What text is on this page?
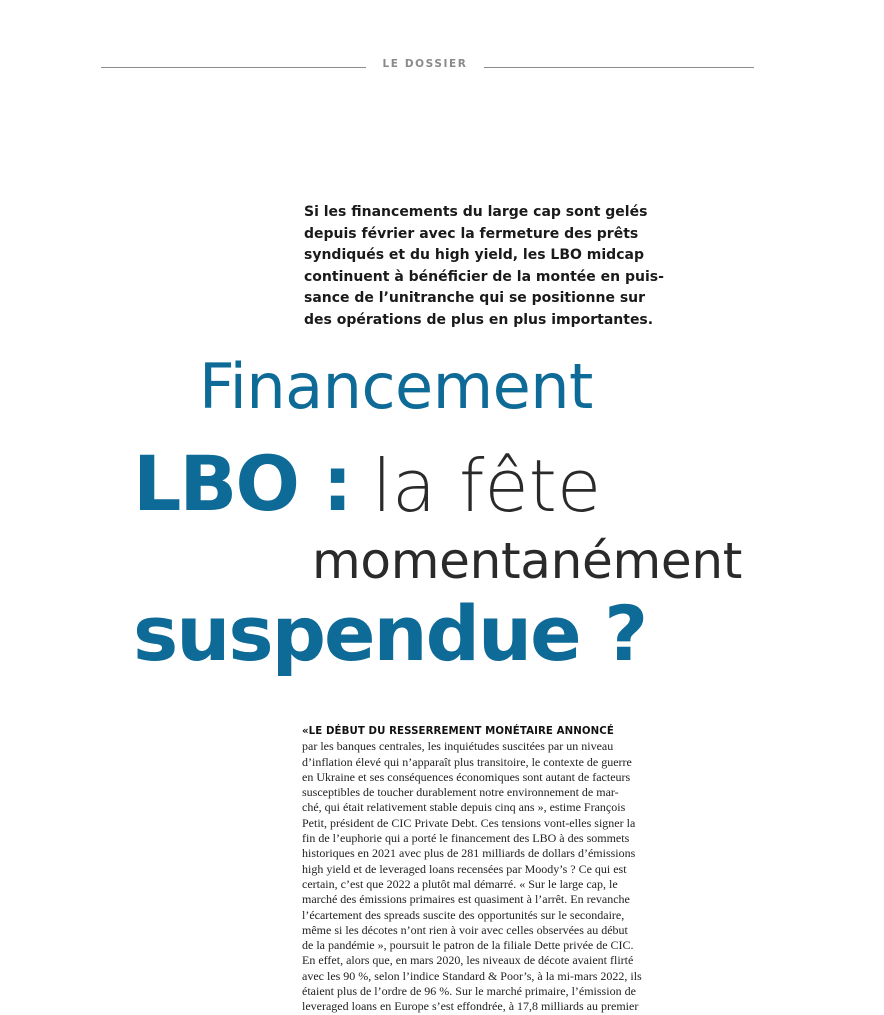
LE DOSSIER
Si les financements du large cap sont gelés
depuis février avec la fermeture des prêts
syndiqués et du high yield, les LBO midcap
continuent à bénéficier de la montée en puis-
sance de l’unitranche qui se positionne sur
des opérations de plus en plus importantes.
Financement
LBO : la fête
momentanément
suspendue ?
«LE DÉBUT DU RESSERREMENT MONÉTAIRE ANNONCÉ
par les banques centrales, les inquiétudes suscitées par un niveau
d’inflation élevé qui n’apparaît plus transitoire, le contexte de guerre
en Ukraine et ses conséquences économiques sont autant de facteurs
susceptibles de toucher durablement notre environnement de mar-
ché, qui était relativement stable depuis cinq ans », estime François
Petit, président de CIC Private Debt. Ces tensions vont-elles signer la
fin de l’euphorie qui a porté le financement des LBO à des sommets
historiques en 2021 avec plus de 281 milliards de dollars d’émissions
high yield et de leveraged loans recensées par Moody’s ? Ce qui est
certain, c’est que 2022 a plutôt mal démarré. « Sur le large cap, le
marché des émissions primaires est quasiment à l’arrêt. En revanche
l’écartement des spreads suscite des opportunités sur le secondaire,
même si les décotes n’ont rien à voir avec celles observées au début
de la pandémie », poursuit le patron de la filiale Dette privée de CIC.
En effet, alors que, en mars 2020, les niveaux de décote avaient flirté
avec les 90 %, selon l’indice Standard & Poor’s, à la mi-mars 2022, ils
étaient plus de l’ordre de 96 %. Sur le marché primaire, l’émission de
leveraged loans en Europe s’est effondrée, à 17,8 milliards au premier
